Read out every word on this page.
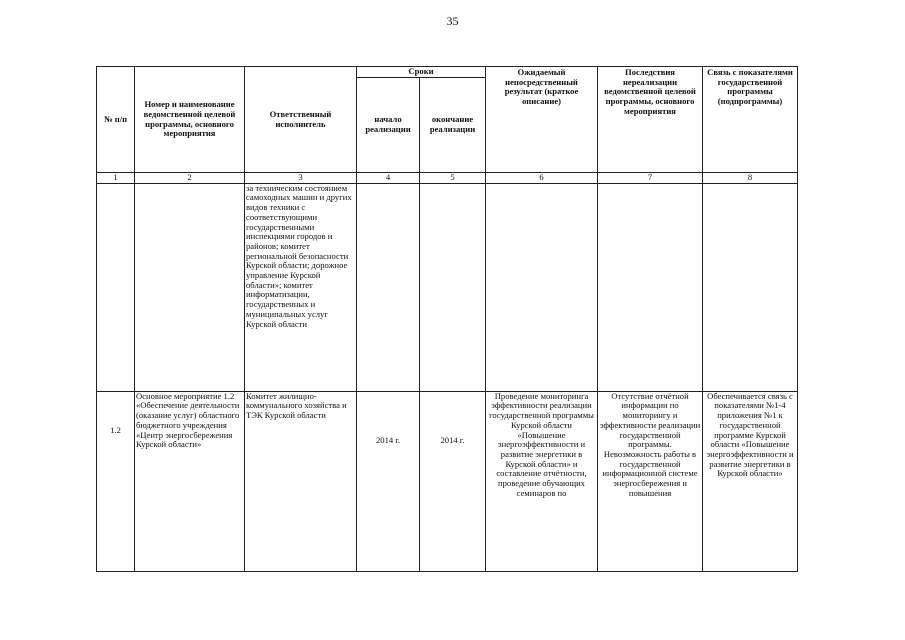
35
№ п/п	Номер и наименование ведомственной целевой программы, основного мероприятия	Ответственный исполнитель	Сроки		Ожидаемый непосредственный результат (краткое описание)	Последствия нереализации ведомственной целевой программы, основного мероприятия	Связь с показателями государственной программы (подпрограммы)
			начало реализации	окончание реализации			
1	2	3	4	5	6	7	8
		за техническим состоянием самоходных машин и других видов техники с соответствующими государственными инспекциями городов и районов; комитет региональной безопасности Курской области; дорожное управление Курской области»; комитет информатизации, государственных и муниципальных услуг Курской области					
1.2	Основное мероприятие 1.2 «Обеспечение деятельности (оказание услуг) областного бюджетного учреждения «Центр энергосбережения Курской области»	Комитет жилищно-коммунального хозяйства и ТЭК Курской области	2014 г.	2014 г.	Проведение мониторинга эффективности реализации государственной программы Курской области «Повышение энергоэффективности и развитие энергетики в Курской области» и составление отчётности, проведение обучающих семинаров по	Отсутствие отчётной информации по мониторингу и эффективности реализации государственной программы. Невозможность работы в государственной информационной системе энергосбережения и повышения	Обеспечивается связь с показателями №1-4 приложения №1 к государственной программе Курской области «Повышение энергоэффективности и развитие энергетики в Курской области»
